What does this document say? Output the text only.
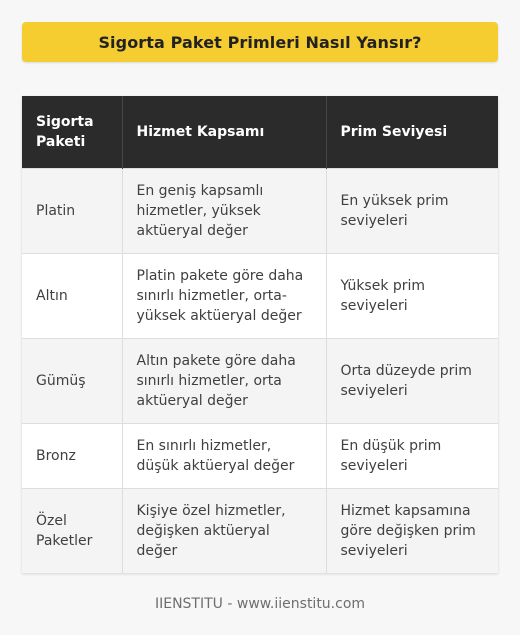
Sigorta Paket Primleri Nasıl Yansır?
Sigorta Paketi	Hizmet Kapsamı	Prim Seviyesi
Platin	En geniş kapsamlı hizmetler, yüksek aktüeryal değer	En yüksek prim seviyeleri
Altın	Platin pakete göre daha sınırlı hizmetler, orta-yüksek aktüeryal değer	Yüksek prim seviyeleri
Gümüş	Altın pakete göre daha sınırlı hizmetler, orta aktüeryal değer	Orta düzeyde prim seviyeleri
Bronz	En sınırlı hizmetler, düşük aktüeryal değer	En düşük prim seviyeleri
Özel Paketler	Kişiye özel hizmetler, değişken aktüeryal değer	Hizmet kapsamına göre değişken prim seviyeleri
IIENSTITU - www.iienstitu.com
